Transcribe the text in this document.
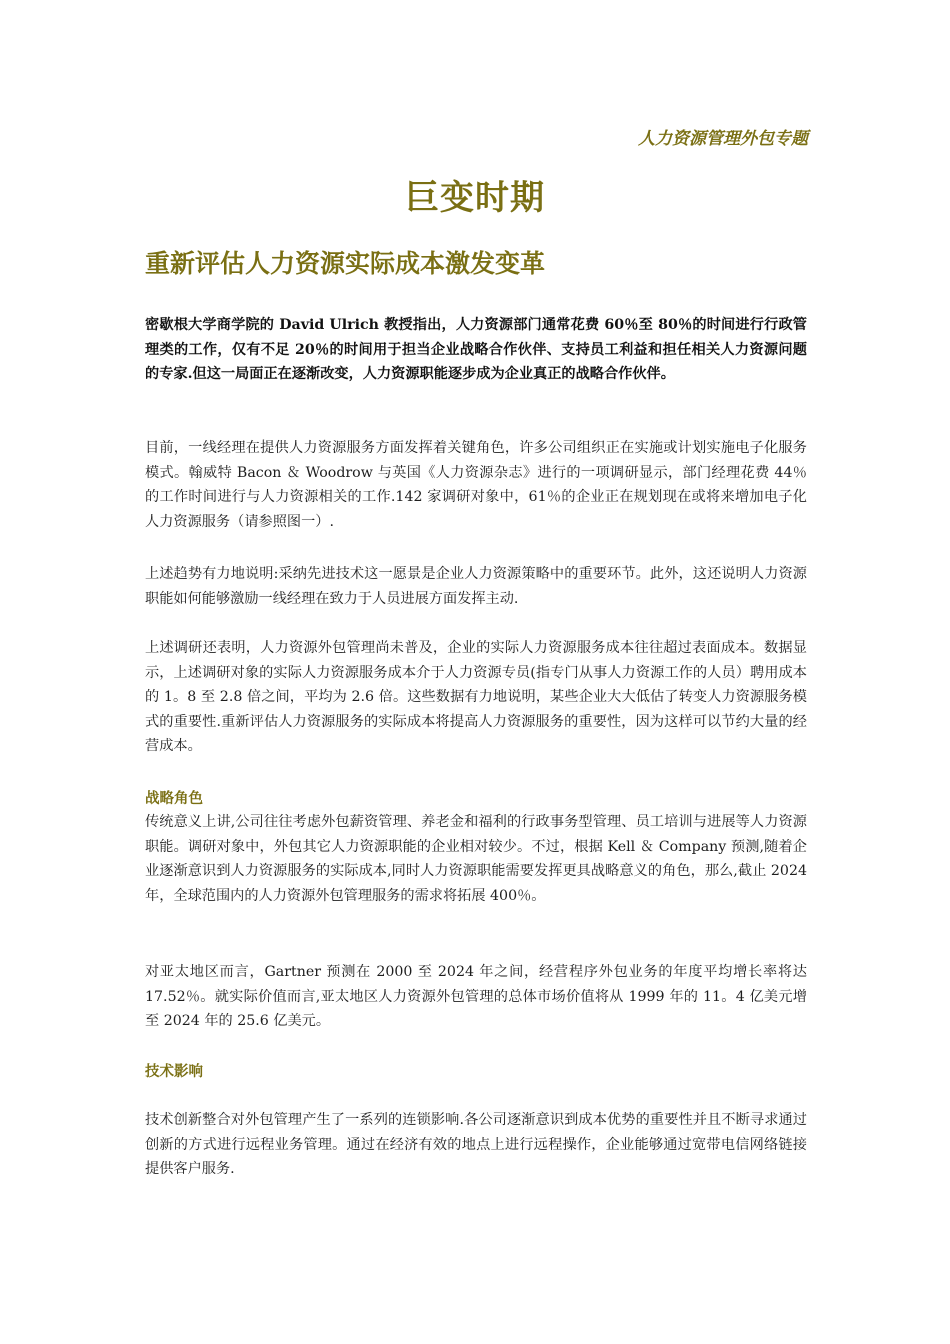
人力资源管理外包专题
巨变时期
重新评估人力资源实际成本激发变革

密歇根大学商学院的 David Ulrich 教授指出，人力资源部门通常花费 60％至 80％的时间进行行政管理类的工作，仅有不足 20％的时间用于担当企业战略合作伙伴、支持员工利益和担任相关人力资源问题的专家.但这一局面正在逐渐改变，人力资源职能逐步成为企业真正的战略合作伙伴。

目前，一线经理在提供人力资源服务方面发挥着关键角色，许多公司组织正在实施或计划实施电子化服务模式。翰威特 Bacon ＆ Woodrow 与英国《人力资源杂志》进行的一项调研显示，部门经理花费 44％的工作时间进行与人力资源相关的工作.142 家调研对象中，61％的企业正在规划现在或将来增加电子化人力资源服务（请参照图一）.

上述趋势有力地说明:采纳先进技术这一愿景是企业人力资源策略中的重要环节。此外，这还说明人力资源职能如何能够激励一线经理在致力于人员进展方面发挥主动.

上述调研还表明，人力资源外包管理尚未普及，企业的实际人力资源服务成本往往超过表面成本。数据显示，上述调研对象的实际人力资源服务成本介于人力资源专员(指专门从事人力资源工作的人员）聘用成本的 1。8 至 2.8 倍之间，平均为 2.6 倍。这些数据有力地说明，某些企业大大低估了转变人力资源服务模式的重要性.重新评估人力资源服务的实际成本将提高人力资源服务的重要性，因为这样可以节约大量的经营成本。

战略角色

传统意义上讲,公司往往考虑外包薪资管理、养老金和福利的行政事务型管理、员工培训与进展等人力资源职能。调研对象中，外包其它人力资源职能的企业相对较少。不过，根据 Kell ＆ Company 预测,随着企业逐渐意识到人力资源服务的实际成本,同时人力资源职能需要发挥更具战略意义的角色，那么,截止 2024 年，全球范围内的人力资源外包管理服务的需求将拓展 400％。

对亚太地区而言，Gartner 预测在 2000 至 2024 年之间，经营程序外包业务的年度平均增长率将达 17.52％。就实际价值而言,亚太地区人力资源外包管理的总体市场价值将从 1999 年的 11。4 亿美元增至 2024 年的 25.6 亿美元。

技术影响

技术创新整合对外包管理产生了一系列的连锁影响.各公司逐渐意识到成本优势的重要性并且不断寻求通过创新的方式进行远程业务管理。通过在经济有效的地点上进行远程操作，企业能够通过宽带电信网络链接提供客户服务.
